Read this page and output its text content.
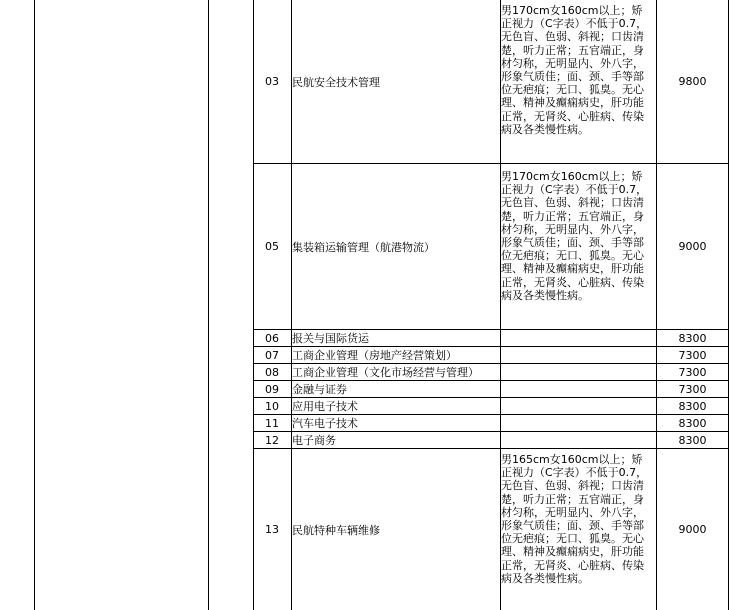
03 民航安全技术管理
男170cm女160cm以上；矫正视力（C字表）不低于0.7，无色盲、色弱、斜视；口齿清楚，听力正常；五官端正，身材匀称，无明显内、外八字，形象气质佳；面、颈、手等部位无疤痕；无口、狐臭。无心理、精神及癫痫病史，肝功能正常，无肾炎、心脏病、传染病及各类慢性病。
9800
05 集装箱运输管理（航港物流）
男170cm女160cm以上；矫正视力（C字表）不低于0.7，无色盲、色弱、斜视；口齿清楚，听力正常；五官端正，身材匀称，无明显内、外八字，形象气质佳；面、颈、手等部位无疤痕；无口、狐臭。无心理、精神及癫痫病史，肝功能正常，无肾炎、心脏病、传染病及各类慢性病。
9000
06 报关与国际货运	8300
07 工商企业管理（房地产经营策划）	7300
08 工商企业管理（文化市场经营与管理）	7300
09 金融与证券	7300
10 应用电子技术	8300
11 汽车电子技术	8300
12 电子商务	8300
13 民航特种车辆维修
男165cm女160cm以上；矫正视力（C字表）不低于0.7，无色盲、色弱、斜视；口齿清楚，听力正常；五官端正，身材匀称，无明显内、外八字，形象气质佳；面、颈、手等部位无疤痕；无口、狐臭。无心理、精神及癫痫病史，肝功能正常，无肾炎、心脏病、传染病及各类慢性病。
9000
